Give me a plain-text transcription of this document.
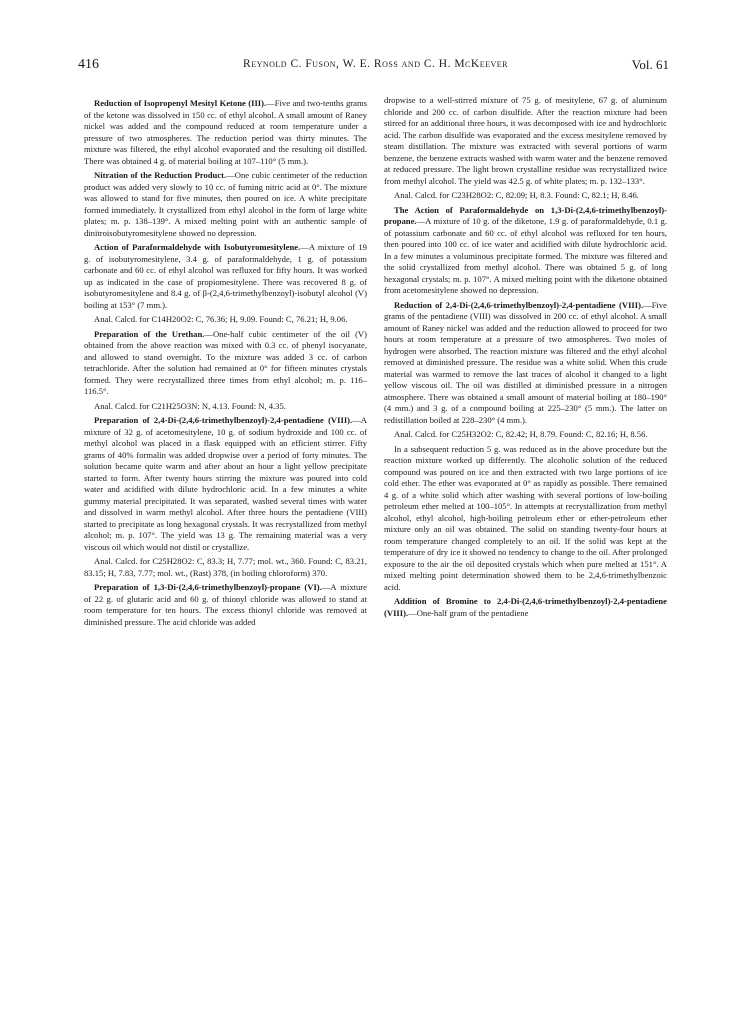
416	Reynold C. Fuson, W. E. Ross and C. H. McKeever	Vol. 61

Reduction of Isopropenyl Mesityl Ketone (III).—Five and two-tenths grams of the ketone was dissolved in 150 cc. of ethyl alcohol. A small amount of Raney nickel was added and the compound reduced at room temperature under a pressure of two atmospheres. The reduction period was thirty minutes. The mixture was filtered, the ethyl alcohol evaporated and the resulting oil distilled. There was obtained 4 g. of material boiling at 107–110° (5 mm.).

Nitration of the Reduction Product.—One cubic centimeter of the reduction product was added very slowly to 10 cc. of fuming nitric acid at 0°. The mixture was allowed to stand for five minutes, then poured on ice. A white precipitate formed immediately. It crystallized from ethyl alcohol in the form of large white plates; m. p. 138–139°. A mixed melting point with an authentic sample of dinitroisobutyromesitylene showed no depression.

Action of Paraformaldehyde with Isobutyromesitylene.—A mixture of 19 g. of isobutyromesitylene, 3.4 g. of paraformaldehyde, 1 g. of potassium carbonate and 60 cc. of ethyl alcohol was refluxed for fifty hours. It was worked up as indicated in the case of propiomesitylene. There was recovered 8 g. of isobutyromesitylene and 8.4 g. of β-(2,4,6-trimethylbenzoyl)-isobutyl alcohol (V) boiling at 153° (7 mm.).

Anal. Calcd. for C14H20O2: C, 76.36; H, 9.09. Found: C, 76.21; H, 9.06.

Preparation of the Urethan.—One-half cubic centimeter of the oil (V) obtained from the above reaction was mixed with 0.3 cc. of phenyl isocyanate, and allowed to stand overnight. To the mixture was added 3 cc. of carbon tetrachloride. After the solution had remained at 0° for fifteen minutes crystals formed. They were recrystallized three times from ethyl alcohol; m. p. 116–116.5°.

Anal. Calcd. for C21H25O3N: N, 4.13. Found: N, 4.35.

Preparation of 2,4-Di-(2,4,6-trimethylbenzoyl)-2,4-pentadiene (VIII).—A mixture of 32 g. of acetomesitylene, 10 g. of sodium hydroxide and 100 cc. of methyl alcohol was placed in a flask equipped with an efficient stirrer. Fifty grams of 40% formalin was added dropwise over a period of forty minutes. The solution became quite warm and after about an hour a light yellow precipitate started to form. After twenty hours stirring the mixture was poured into cold water and acidified with dilute hydrochloric acid. In a few minutes a white gummy material precipitated. It was separated, washed several times with water and dissolved in warm methyl alcohol. After three hours the pentadiene (VIII) started to precipitate as long hexagonal crystals. It was recrystallized from methyl alcohol; m. p. 107°. The yield was 13 g. The remaining material was a very viscous oil which would not distil or crystallize.

Anal. Calcd. for C25H28O2: C, 83.3; H, 7.77; mol. wt., 360. Found: C, 83.21, 83.15; H, 7.83, 7.77; mol. wt., (Rast) 378, (in boiling chloroform) 370.

Preparation of 1,3-Di-(2,4,6-trimethylbenzoyl)-propane (VI).—A mixture of 22 g. of glutaric acid and 60 g. of thionyl chloride was allowed to stand at room temperature for ten hours. The excess thionyl chloride was removed at diminished pressure. The acid chloride was added

dropwise to a well-stirred mixture of 75 g. of mesitylene, 67 g. of aluminum chloride and 200 cc. of carbon disulfide. After the reaction mixture had been stirred for an additional three hours, it was decomposed with ice and hydrochloric acid. The carbon disulfide was evaporated and the excess mesitylene removed by steam distillation. The mixture was extracted with several portions of warm benzene, the benzene extracts washed with warm water and the benzene removed at reduced pressure. The light brown crystalline residue was recrystallized twice from methyl alcohol. The yield was 42.5 g. of white plates; m. p. 132–133°.

Anal. Calcd. for C23H28O2: C, 82.09; H, 8.3. Found: C, 82.1; H, 8.46.

The Action of Paraformaldehyde on 1,3-Di-(2,4,6-trimethylbenzoyl)-propane.—A mixture of 10 g. of the diketone, 1.9 g. of paraformaldehyde, 0.1 g. of potassium carbonate and 60 cc. of ethyl alcohol was refluxed for ten hours, then poured into 100 cc. of ice water and acidified with dilute hydrochloric acid. In a few minutes a voluminous precipitate formed. The mixture was filtered and the solid crystallized from methyl alcohol. There was obtained 5 g. of long hexagonal crystals; m. p. 107°. A mixed melting point with the diketone obtained from acetomesitylene showed no depression.

Reduction of 2,4-Di-(2,4,6-trimethylbenzoyl)-2,4-pentadiene (VIII).—Five grams of the pentadiene (VIII) was dissolved in 200 cc. of ethyl alcohol. A small amount of Raney nickel was added and the reduction allowed to proceed for two hours at room temperature at a pressure of two atmospheres. Two moles of hydrogen were absorbed. The reaction mixture was filtered and the ethyl alcohol removed at diminished pressure. The residue was a white solid. When this crude material was warmed to remove the last traces of alcohol it changed to a light yellow viscous oil. The oil was distilled at diminished pressure in a nitrogen atmosphere. There was obtained a small amount of material boiling at 180–190° (4 mm.) and 3 g. of a compound boiling at 225–230° (5 mm.). The latter on redistillation boiled at 228–230° (4 mm.).

Anal. Calcd. for C25H32O2: C, 82.42; H, 8.79. Found: C, 82.16; H, 8.56.

In a subsequent reduction 5 g. was reduced as in the above procedure but the reaction mixture worked up differently. The alcoholic solution of the reduced compound was poured on ice and then extracted with two large portions of ice cold ether. The ether was evaporated at 0° as rapidly as possible. There remained 4 g. of a white solid which after washing with several portions of low-boiling petroleum ether melted at 100–105°. In attempts at recrystallization from methyl alcohol, ethyl alcohol, high-boiling petroleum ether or ether-petroleum ether mixture only an oil was obtained. The solid on standing twenty-four hours at room temperature changed completely to an oil. If the solid was kept at the temperature of dry ice it showed no tendency to change to the oil. After prolonged exposure to the air the oil deposited crystals which when pure melted at 151°. A mixed melting point determination showed them to be 2,4,6-trimethylbenzoic acid.

Addition of Bromine to 2,4-Di-(2,4,6-trimethylbenzoyl)-2,4-pentadiene (VIII).—One-half gram of the pentadiene
